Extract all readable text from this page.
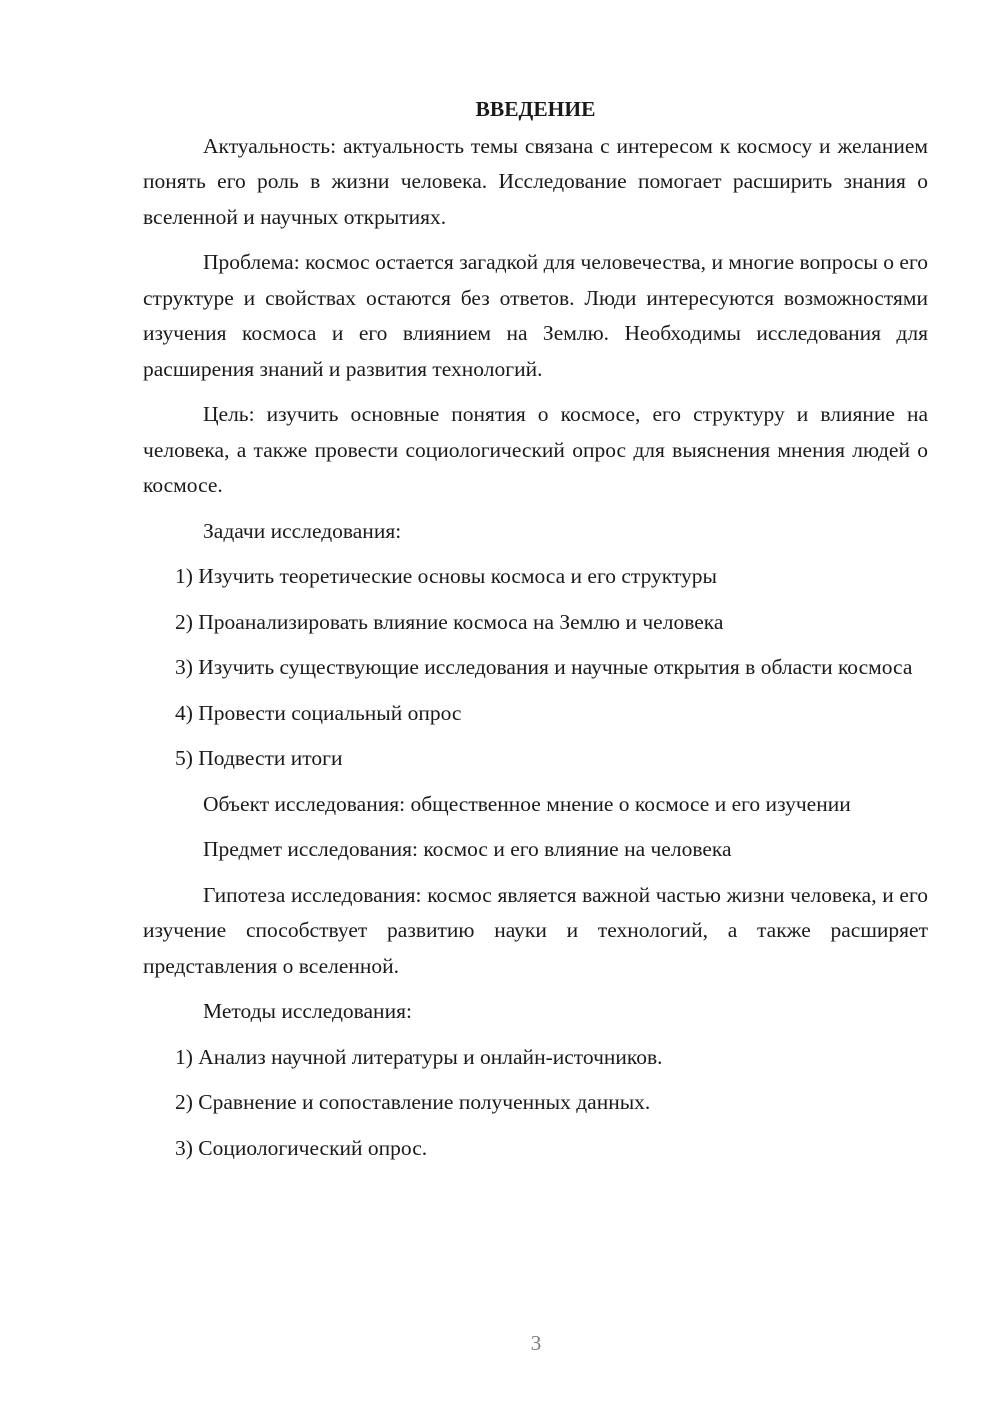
ВВЕДЕНИЕ

Актуальность: актуальность темы связана с интересом к космосу и желанием понять его роль в жизни человека. Исследование помогает расширить знания о вселенной и научных открытиях.

Проблема: космос остается загадкой для человечества, и многие вопросы о его структуре и свойствах остаются без ответов. Люди интересуются возможностями изучения космоса и его влиянием на Землю. Необходимы исследования для расширения знаний и развития технологий.

Цель: изучить основные понятия о космосе, его структуру и влияние на человека, а также провести социологический опрос для выяснения мнения людей о космосе.

Задачи исследования:

1) Изучить теоретические основы космоса и его структуры

2) Проанализировать влияние космоса на Землю и человека

3) Изучить существующие исследования и научные открытия в области космоса

4) Провести социальный опрос

5) Подвести итоги

Объект исследования: общественное мнение о космосе и его изучении

Предмет исследования: космос и его влияние на человека

Гипотеза исследования: космос является важной частью жизни человека, и его изучение способствует развитию науки и технологий, а также расширяет представления о вселенной.

Методы исследования:

1) Анализ научной литературы и онлайн-источников.

2) Сравнение и сопоставление полученных данных.

3) Социологический опрос.

3
